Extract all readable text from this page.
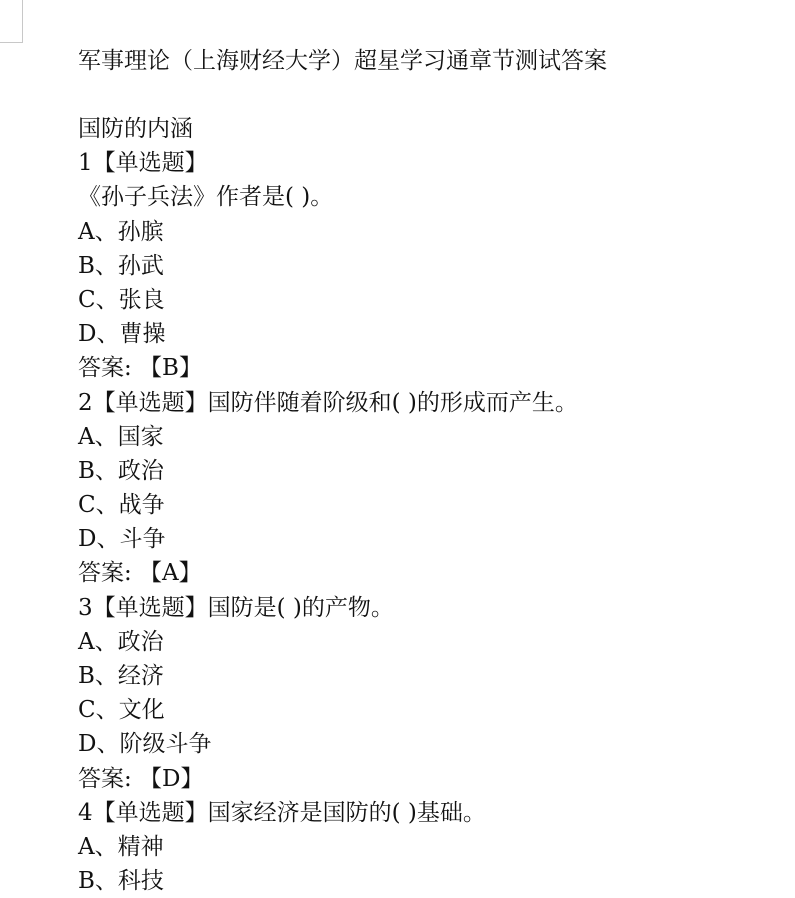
军事理论（上海财经大学）超星学习通章节测试答案
国防的内涵
1【单选题】
《孙子兵法》作者是( )。
A、孙膑
B、孙武
C、张良
D、曹操
答案: 【B】
2【单选题】国防伴随着阶级和( )的形成而产生。
A、国家
B、政治
C、战争
D、斗争
答案: 【A】
3【单选题】国防是( )的产物。
A、政治
B、经济
C、文化
D、阶级斗争
答案: 【D】
4【单选题】国家经济是国防的( )基础。
A、精神
B、科技
